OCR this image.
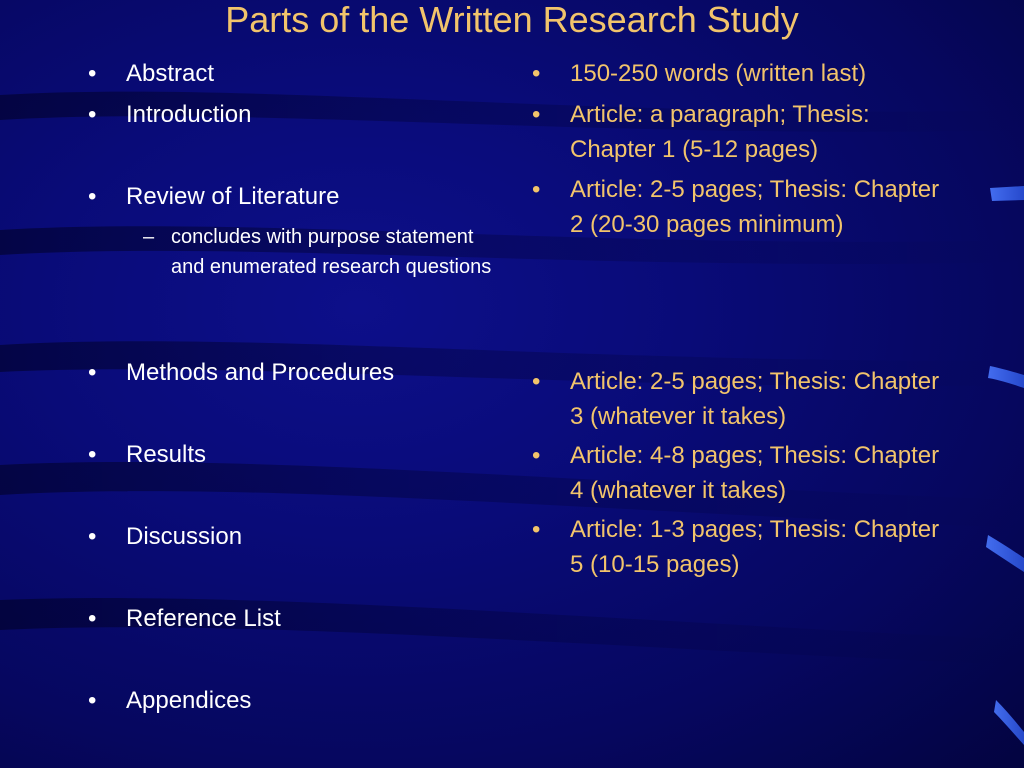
Parts of the Written Research Study
• Abstract
• Introduction
• Review of Literature
• Methods and Procedures
• Results
• Discussion
• Reference List
• Appendices
– concludes with purpose statement and enumerated research questions
• 150-250 words (written last)
• Article: a paragraph; Thesis: Chapter 1 (5-12 pages)
• Article: 2-5 pages; Thesis: Chapter 2 (20-30 pages minimum)
• Article: 2-5 pages; Thesis: Chapter 3 (whatever it takes)
• Article: 4-8 pages; Thesis: Chapter 4 (whatever it takes)
• Article: 1-3 pages; Thesis: Chapter 5 (10-15 pages)
